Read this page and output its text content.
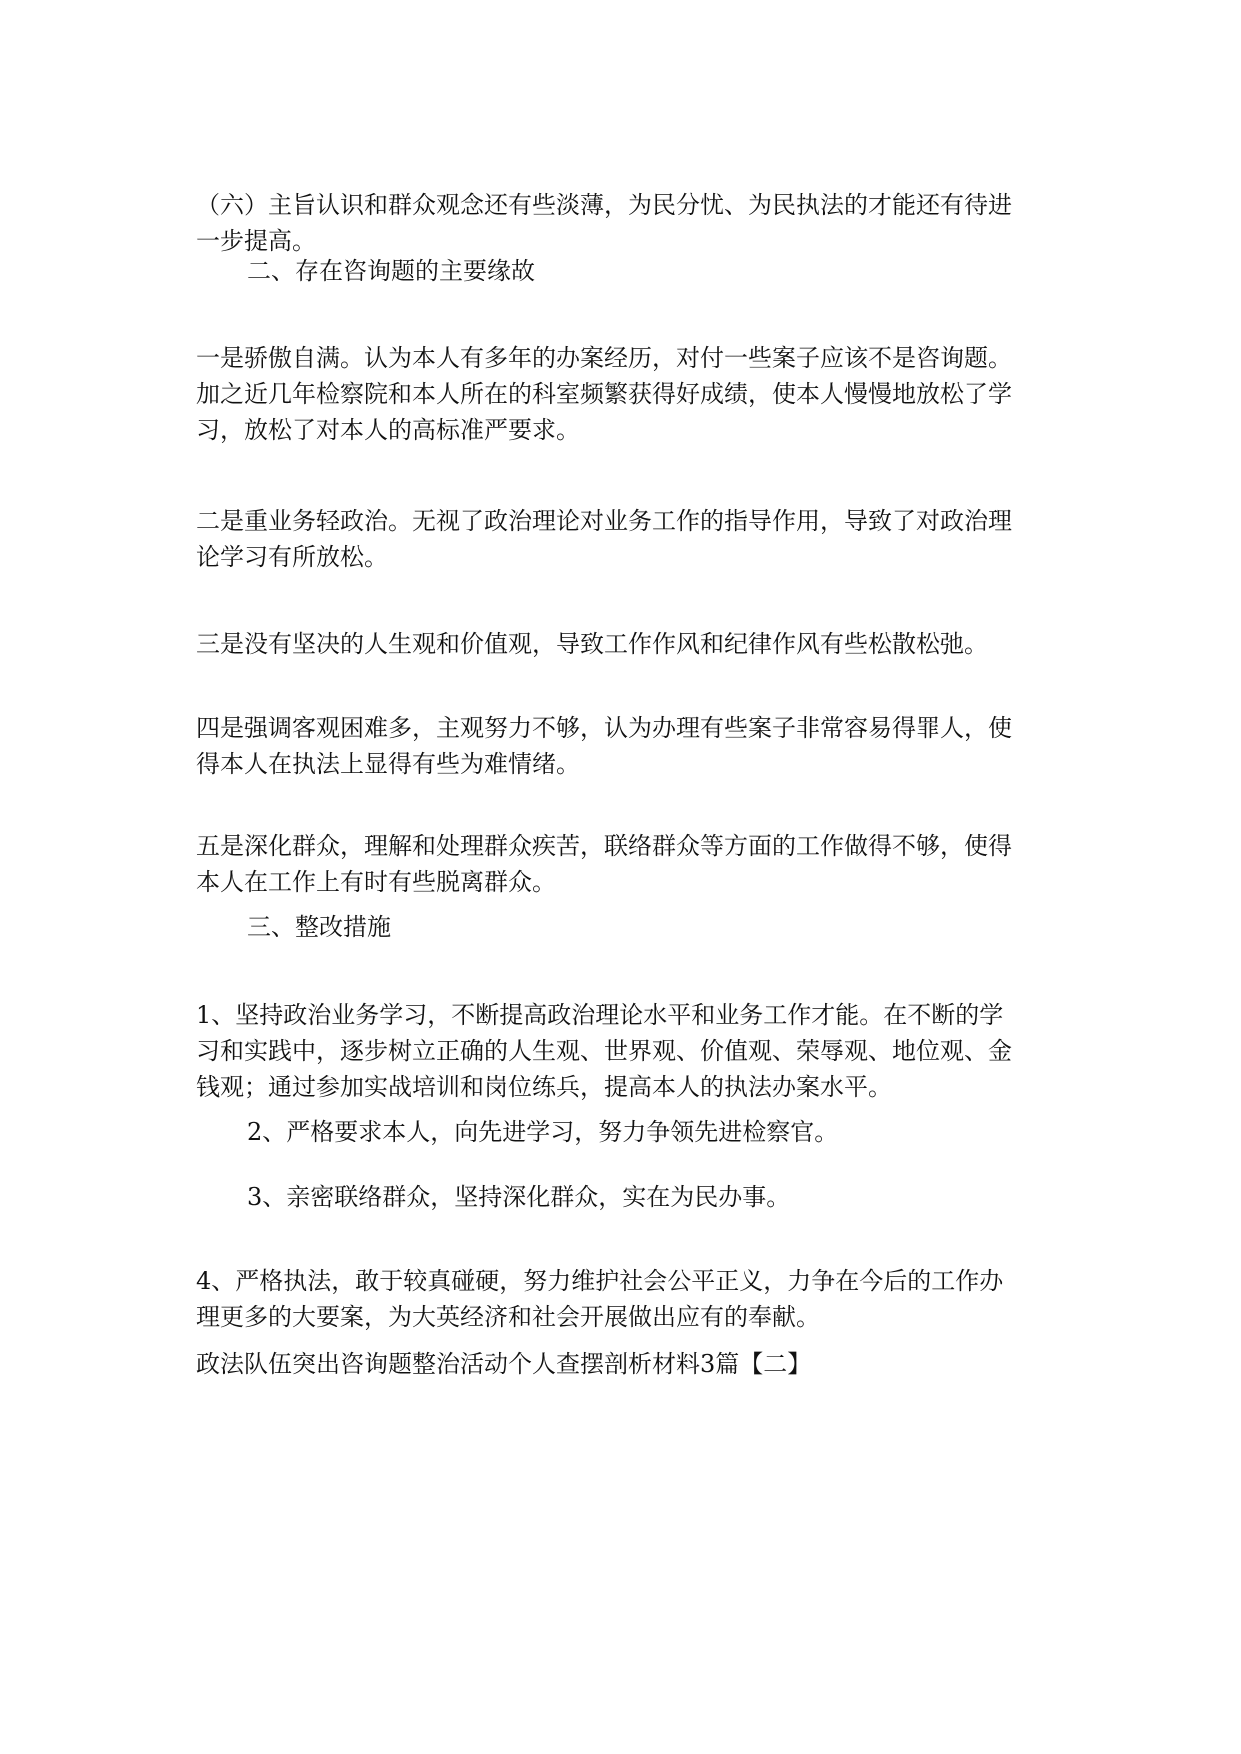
（六）主旨认识和群众观念还有些淡薄，为民分忧、为民执法的才能还有待进
一步提高。

二、存在咨询题的主要缘故

一是骄傲自满。认为本人有多年的办案经历，对付一些案子应该不是咨询题。
加之近几年检察院和本人所在的科室频繁获得好成绩，使本人慢慢地放松了学
习，放松了对本人的高标准严要求。

二是重业务轻政治。无视了政治理论对业务工作的指导作用，导致了对政治理
论学习有所放松。

三是没有坚决的人生观和价值观，导致工作作风和纪律作风有些松散松弛。

四是强调客观困难多，主观努力不够，认为办理有些案子非常容易得罪人，使
得本人在执法上显得有些为难情绪。

五是深化群众，理解和处理群众疾苦，联络群众等方面的工作做得不够，使得
本人在工作上有时有些脱离群众。

三、整改措施

1、坚持政治业务学习，不断提高政治理论水平和业务工作才能。在不断的学
习和实践中，逐步树立正确的人生观、世界观、价值观、荣辱观、地位观、金
钱观；通过参加实战培训和岗位练兵，提高本人的执法办案水平。

2、严格要求本人，向先进学习，努力争领先进检察官。

3、亲密联络群众，坚持深化群众，实在为民办事。

4、严格执法，敢于较真碰硬，努力维护社会公平正义，力争在今后的工作办
理更多的大要案，为大英经济和社会开展做出应有的奉献。

政法队伍突出咨询题整治活动个人查摆剖析材料3篇【二】
